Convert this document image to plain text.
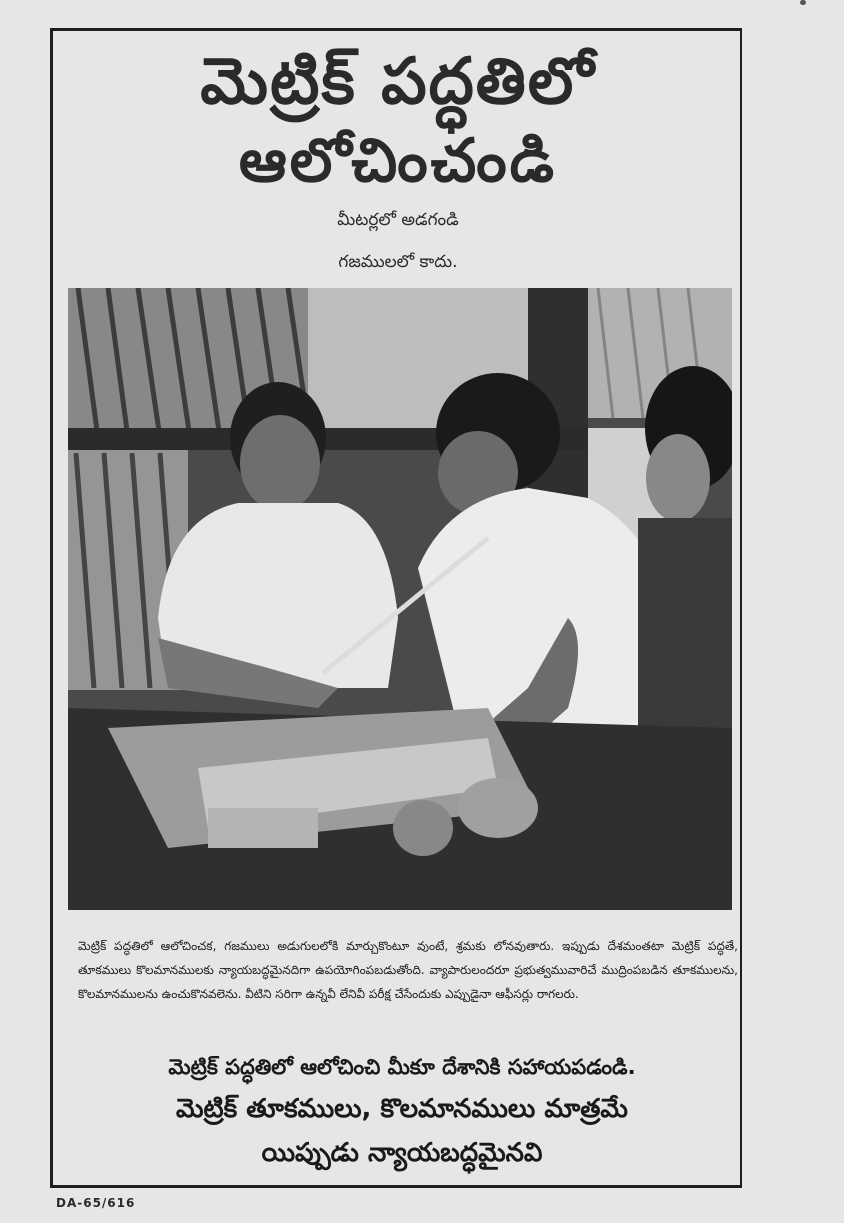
మెట్రిక్ పద్ధతిలో
ఆలోచించండి
మీటర్లలో అడగండి
గజములలో కాదు.
మెట్రిక్ పద్ధతిలో ఆలోచించక, గజములు అడుగులలోకి మార్చుకొంటూ వుంటే, శ్రమకు లోనవుతారు. ఇప్పుడు దేశమంతటా మెట్రిక్ పద్ధతే, తూకములు కొలమానములకు న్యాయబద్ధమైనదిగా ఉపయోగింపబడుతోంది. వ్యాపారులందరూ ప్రభుత్వమువారిచే ముద్రింపబడిన తూకములను, కొలమానములను ఉంచుకొనవలెను. వీటిని సరిగా ఉన్నవీ లేనివీ పరీక్ష చేసేందుకు ఎప్పుడైనా ఆఫీసర్లు రాగలరు.
మెట్రిక్ పద్ధతిలో ఆలోచించి మీకూ దేశానికి సహాయపడండి.
మెట్రిక్ తూకములు, కొలమానములు మాత్రమే
యిప్పుడు న్యాయబద్ధమైనవి
DA-65/616
